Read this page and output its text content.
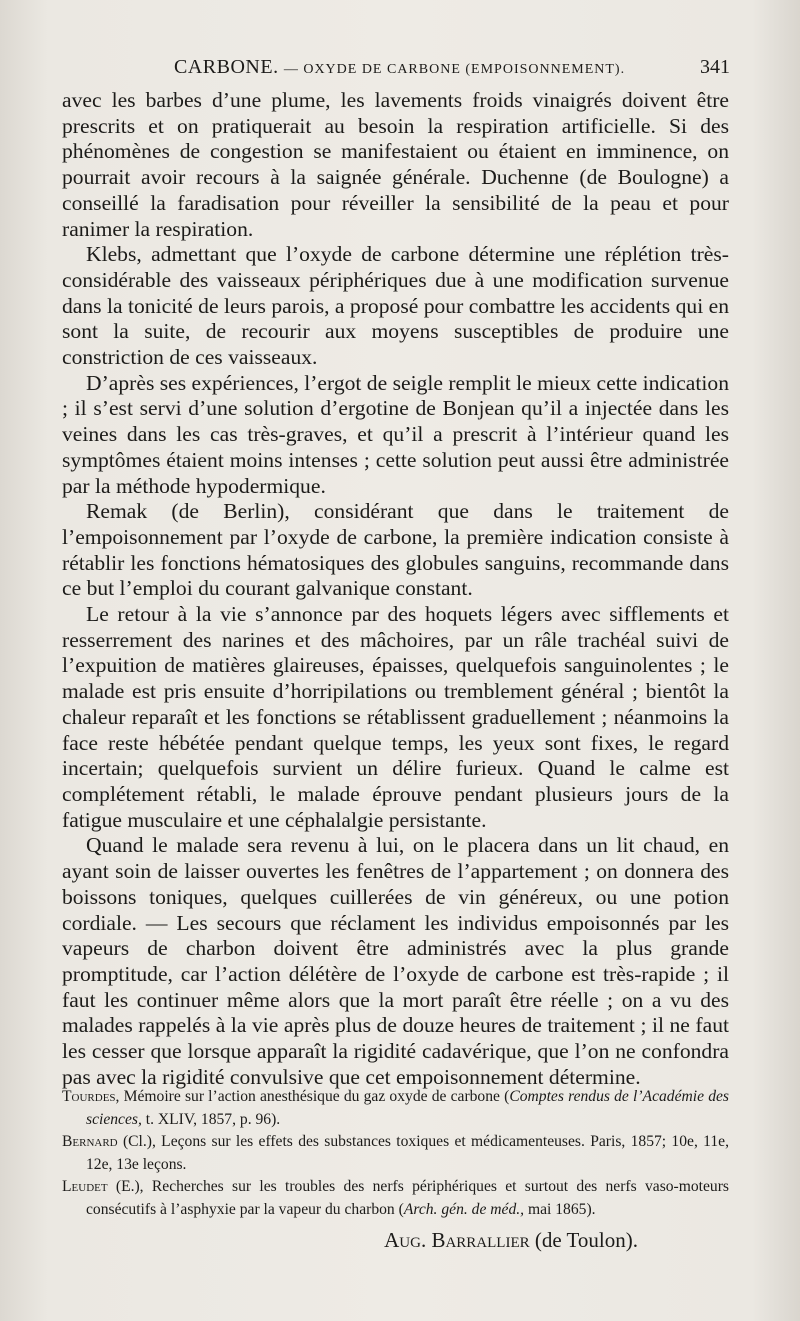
CARBONE. — OXYDE DE CARBONE (EMPOISONNEMENT).	341

avec les barbes d’une plume, les lavements froids vinaigrés doivent être prescrits et on pratiquerait au besoin la respiration artificielle. Si des phénomènes de congestion se manifestaient ou étaient en imminence, on pourrait avoir recours à la saignée générale. Duchenne (de Boulogne) a conseillé la faradisation pour réveiller la sensibilité de la peau et pour ranimer la respiration.

Klebs, admettant que l’oxyde de carbone détermine une réplétion très-considérable des vaisseaux périphériques due à une modification survenue dans la tonicité de leurs parois, a proposé pour combattre les accidents qui en sont la suite, de recourir aux moyens susceptibles de produire une constriction de ces vaisseaux.

D’après ses expériences, l’ergot de seigle remplit le mieux cette indication ; il s’est servi d’une solution d’ergotine de Bonjean qu’il a injectée dans les veines dans les cas très-graves, et qu’il a prescrit à l’intérieur quand les symptômes étaient moins intenses ; cette solution peut aussi être administrée par la méthode hypodermique.

Remak (de Berlin), considérant que dans le traitement de l’empoisonnement par l’oxyde de carbone, la première indication consiste à rétablir les fonctions hématosiques des globules sanguins, recommande dans ce but l’emploi du courant galvanique constant.

Le retour à la vie s’annonce par des hoquets légers avec sifflements et resserrement des narines et des mâchoires, par un râle trachéal suivi de l’expuition de matières glaireuses, épaisses, quelquefois sanguinolentes ; le malade est pris ensuite d’horripilations ou tremblement général ; bientôt la chaleur reparaît et les fonctions se rétablissent graduellement ; néanmoins la face reste hébétée pendant quelque temps, les yeux sont fixes, le regard incertain; quelquefois survient un délire furieux. Quand le calme est complétement rétabli, le malade éprouve pendant plusieurs jours de la fatigue musculaire et une céphalalgie persistante.

Quand le malade sera revenu à lui, on le placera dans un lit chaud, en ayant soin de laisser ouvertes les fenêtres de l’appartement ; on donnera des boissons toniques, quelques cuillerées de vin généreux, ou une potion cordiale. — Les secours que réclament les individus empoisonnés par les vapeurs de charbon doivent être administrés avec la plus grande promptitude, car l’action délétère de l’oxyde de carbone est très-rapide ; il faut les continuer même alors que la mort paraît être réelle ; on a vu des malades rappelés à la vie après plus de douze heures de traitement ; il ne faut les cesser que lorsque apparaît la rigidité cadavérique, que l’on ne confondra pas avec la rigidité convulsive que cet empoisonnement détermine.

Tourdes, Mémoire sur l’action anesthésique du gaz oxyde de carbone (Comptes rendus de l’Académie des sciences, t. XLIV, 1857, p. 96).

Bernard (Cl.), Leçons sur les effets des substances toxiques et médicamenteuses. Paris, 1857; 10e, 11e, 12e, 13e leçons.

Leudet (E.), Recherches sur les troubles des nerfs périphériques et surtout des nerfs vaso-moteurs consécutifs à l’asphyxie par la vapeur du charbon (Arch. gén. de méd., mai 1865).

Aug. Barrallier (de Toulon).
